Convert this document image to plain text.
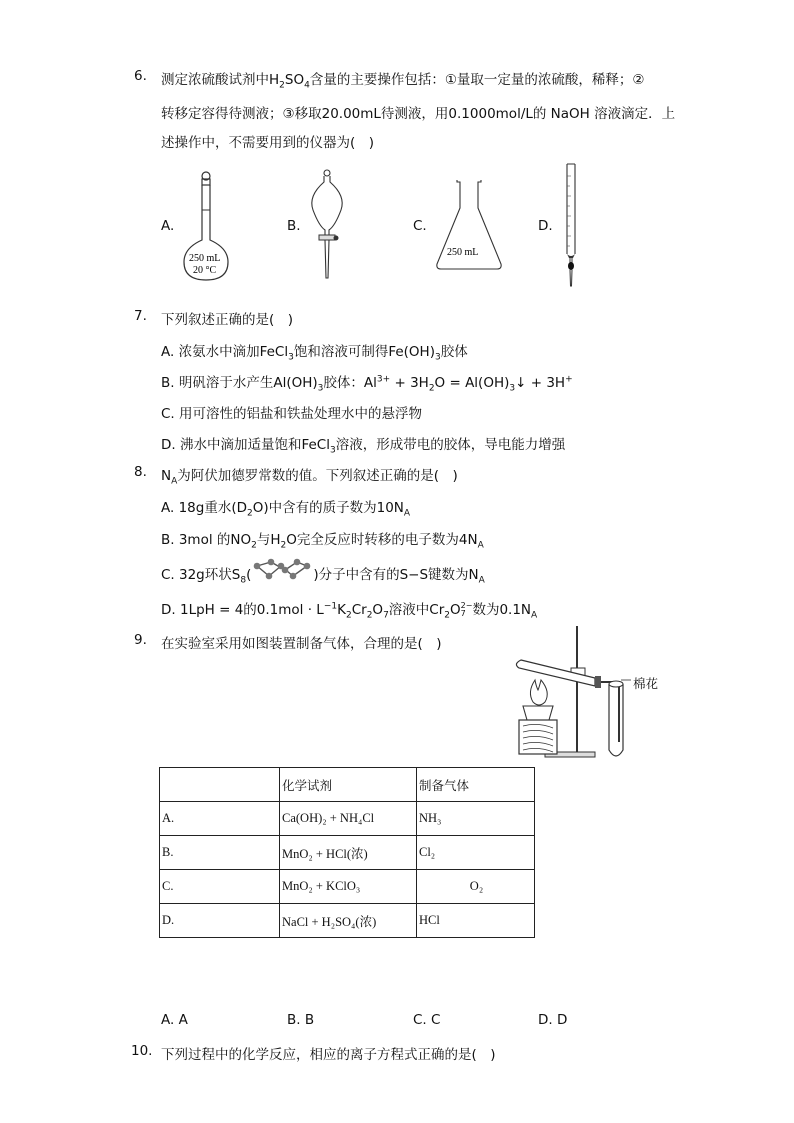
6. 测定浓硫酸试剂中$H_2SO_4$含量的主要操作包括：①量取一定量的浓硫酸，稀释；②
转移定容得待测液；③移取20.00mL待测液，用0.1000mol/L的 NaOH 溶液滴定．上
述操作中，不需要用到的仪器为(　)
A.	B.	C.	D.
250 mL
20 °C
250 mL
7. 下列叙述正确的是(　)
A. 浓氨水中滴加FeCl$_3$饱和溶液可制得$Fe(OH)_3$胶体
B. 明矾溶于水产生$Al(OH)_3$胶体：$Al^{3+} + 3H_2O$ = $Al(OH)_3↓ + 3H^+$
C. 用可溶性的铝盐和铁盐处理水中的悬浮物
D. 沸水中滴加适量饱和FeCl$_3$溶液，形成带电的胶体，导电能力增强
8. $N_A$为阿伏加德罗常数的值。下列叙述正确的是(　)
A. 18g重水$(D_2O)$中含有的质子数为$10N_A$
B. 3mol 的$NO_2$与$H_2O$完全反应时转移的电子数为$4N_A$
C. 32g环状$S_8$(	)分子中含有的S−S键数为$N_A$
D. 1LpH = 4的$0.1mol \cdot L^{-1}K_2Cr_2O_7$溶液中$Cr_2O$ 2−
7 数为$0.1N_A$
9. 在实验室采用如图装置制备气体，合理的是(　)
棉花
	化学试剂	制备气体
A.	Ca(OH)₂ + NH₄Cl	NH₃
B.	MnO₂ + HCl(浓)	Cl₂
C.	MnO₂ + KClO₃	O₂
D.	NaCl + H₂SO₄(浓)	HCl
A. A	B. B	C. C	D. D
10. 下列过程中的化学反应，相应的离子方程式正确的是(　)
